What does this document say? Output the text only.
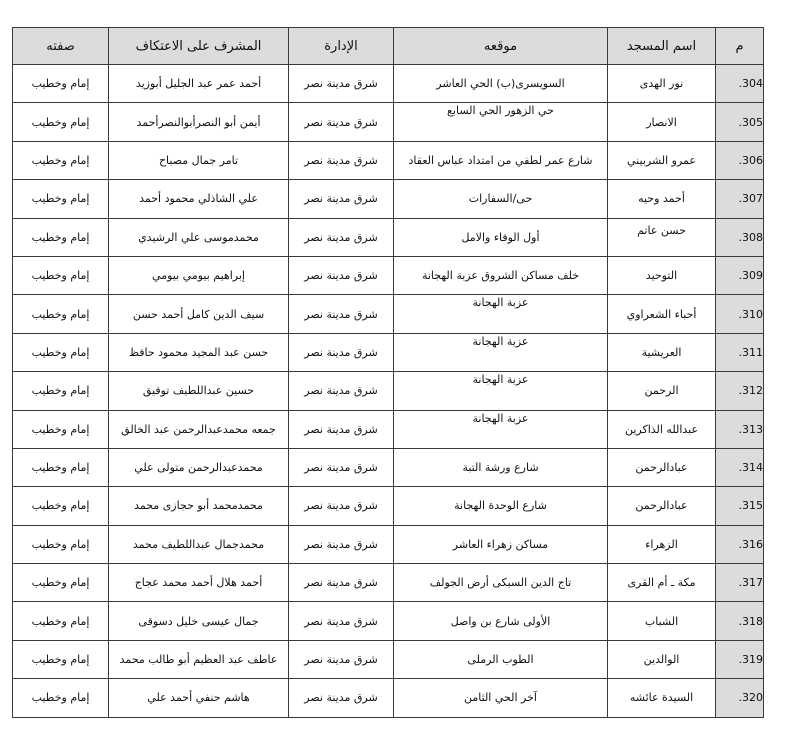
صفته	المشرف على الاعتكاف	الإدارة	موقعه	اسم المسجد	م
إمام وخطيب	أحمد عمر عبد الجليل أبوزيد	شرق مدينة نصر	السويسرى(ب) الحي العاشر	نور الهدى	.304
إمام وخطيب	أيمن أبو النصرأبوالنصرأحمد	شرق مدينة نصر	حي الزهور الحي السابع	الانصار	.305
إمام وخطيب	تامر جمال مصباح	شرق مدينة نصر	شارع عمر لطفي من امتداد عباس العقاد	عمرو الشربيني	.306
إمام وخطيب	علي الشاذلي محمود أحمد	شرق مدينة نصر	حى/السفارات	أحمد وحيه	.307
إمام وخطيب	محمدموسى علي الرشيدي	شرق مدينة نصر	أول الوفاء والامل	حسن عاتم	.308
إمام وخطيب	إبراهيم بيومي بيومي	شرق مدينة نصر	خلف مساكن الشروق عزبة الهجانة	التوحيد	.309
إمام وخطيب	سيف الدين كامل أحمد حسن	شرق مدينة نصر	عزبة الهجانة	أحباء الشعراوي	.310
إمام وخطيب	حسن عبد المجيد محمود حافظ	شرق مدينة نصر	عزبة الهجانة	العريشية	.311
إمام وخطيب	حسين عبداللطيف توفيق	شرق مدينة نصر	عزبة الهجانة	الرحمن	.312
إمام وخطيب	جمعه محمدعبدالرحمن عبد الخالق	شرق مدينة نصر	عزبة الهجانة	عبدالله الذاكرين	.313
إمام وخطيب	محمدعبدالرحمن متولى علي	شرق مدينة نصر	شارع ورشة التبة	عبادالرحمن	.314
إمام وخطيب	محمدمحمد أبو حجازى محمد	شرق مدينة نصر	شارع الوحدة الهجانة	عبادالرحمن	.315
إمام وخطيب	محمدجمال عبداللطيف محمد	شرق مدينة نصر	مساكن زهراء العاشر	الزهراء	.316
إمام وخطيب	أحمد هلال أحمد محمد عجاج	شرق مدينة نصر	تاج الدين السبكى أرض الجولف	مكة ـ أم القرى	.317
إمام وخطيب	جمال عيسى خليل دسوقى	شرق مدينة نصر	الأولى شارع بن واصل	الشباب	.318
إمام وخطيب	عاطف عبد العظيم أبو طالب محمد	شرق مدينة نصر	الطوب الرملى	الوالدين	.319
إمام وخطيب	هاشم حنفي أحمد علي	شرق مدينة نصر	آخر الحي الثامن	السيدة عائشه	.320
